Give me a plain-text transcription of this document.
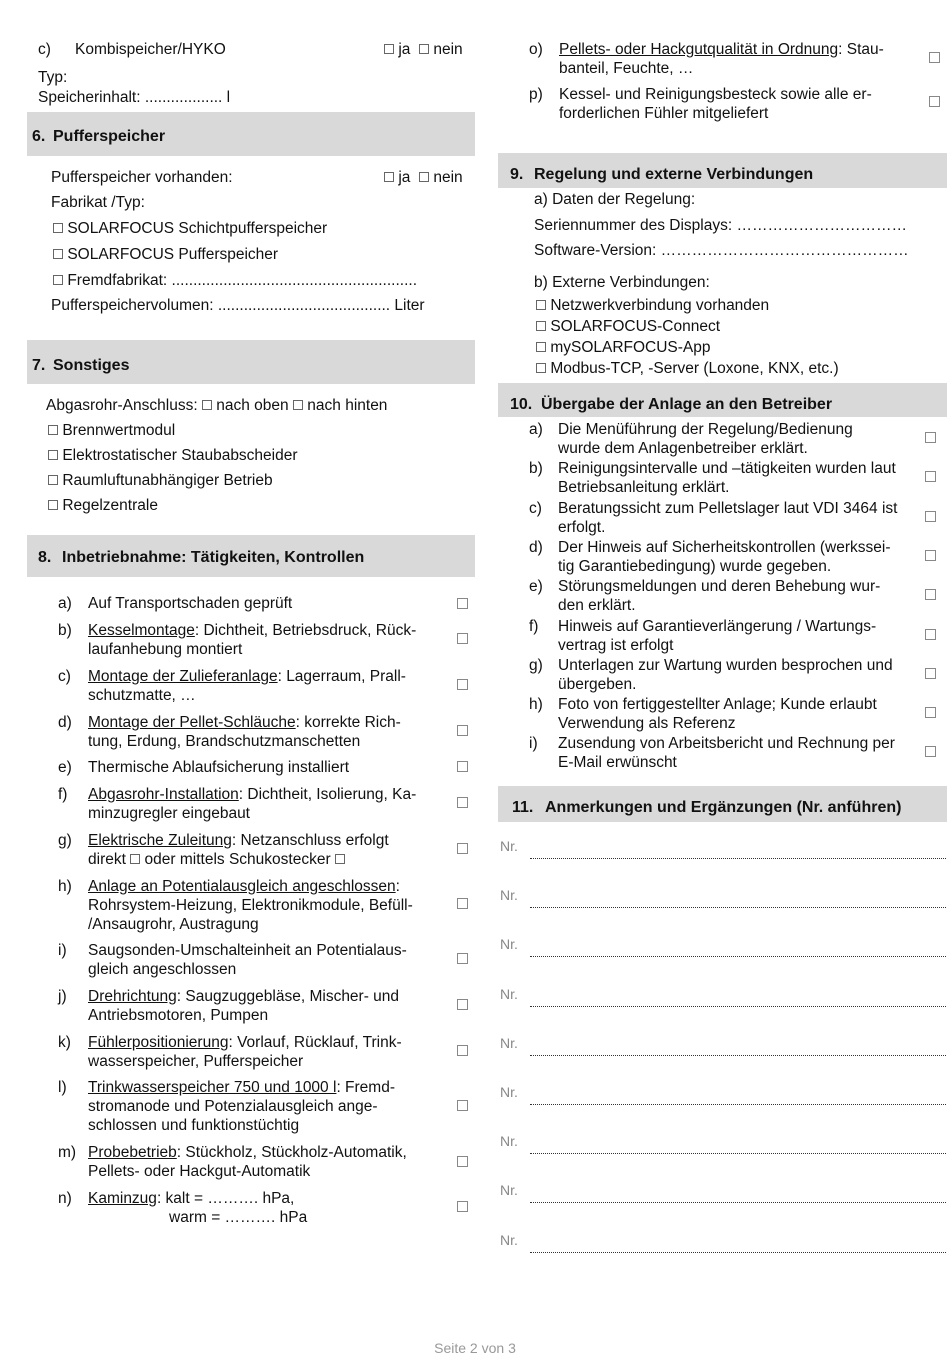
c) Kombispeicher/HYKO	ja nein
Typ:
Speicherinhalt: .................. l
6. Pufferspeicher
Pufferspeicher vorhanden:	ja nein
Fabrikat /Typ:
SOLARFOCUS Schichtpufferspeicher
SOLARFOCUS Pufferspeicher
Fremdfabrikat: .........................................................
Pufferspeichervolumen: ........................................ Liter
7. Sonstiges
Abgasrohr-Anschluss: nach oben nach hinten
Brennwertmodul
Elektrostatischer Staubabscheider
Raumluftunabhängiger Betrieb
Regelzentrale
8. Inbetriebnahme: Tätigkeiten, Kontrollen
a) Auf Transportschaden geprüft
b) Kesselmontage: Dichtheit, Betriebsdruck, Rück-
laufanhebung montiert
c) Montage der Zulieferanlage: Lagerraum, Prall-
schutzmatte, …
d) Montage der Pellet-Schläuche: korrekte Rich-
tung, Erdung, Brandschutzmanschetten
e) Thermische Ablaufsicherung installiert
f) Abgasrohr-Installation: Dichtheit, Isolierung, Ka-
minzugregler eingebaut
g) Elektrische Zuleitung: Netzanschluss erfolgt
direkt oder mittels Schukostecker
h) Anlage an Potentialausgleich angeschlossen:
Rohrsystem-Heizung, Elektronikmodule, Befüll-
/Ansaugrohr, Austragung
i) Saugsonden-Umschalteinheit an Potentialaus-
gleich angeschlossen
j) Drehrichtung: Saugzuggebläse, Mischer- und
Antriebsmotoren, Pumpen
k) Fühlerpositionierung: Vorlauf, Rücklauf, Trink-
wasserspeicher, Pufferspeicher
l) Trinkwasserspeicher 750 und 1000 l: Fremd-
stromanode und Potenzialausgleich ange-
schlossen und funktionstüchtig
m) Probebetrieb: Stückholz, Stückholz-Automatik,
Pellets- oder Hackgut-Automatik
n) Kaminzug: kalt = ………. hPa,
warm = ………. hPa
o) Pellets- oder Hackgutqualität in Ordnung: Stau-
banteil, Feuchte, …
p) Kessel- und Reinigungsbesteck sowie alle er-
forderlichen Fühler mitgeliefert
9. Regelung und externe Verbindungen
a) Daten der Regelung:
Seriennummer des Displays: ……………………………
Software-Version: …………………………………………
b) Externe Verbindungen:
Netzwerkverbindung vorhanden
SOLARFOCUS-Connect
mySOLARFOCUS-App
Modbus-TCP, -Server (Loxone, KNX, etc.)
10. Übergabe der Anlage an den Betreiber
a) Die Menüführung der Regelung/Bedienung
wurde dem Anlagenbetreiber erklärt.
b) Reinigungsintervalle und –tätigkeiten wurden laut
Betriebsanleitung erklärt.
c) Beratungssicht zum Pelletslager laut VDI 3464 ist
erfolgt.
d) Der Hinweis auf Sicherheitskontrollen (werkssei-
tig Garantiebedingung) wurde gegeben.
e) Störungsmeldungen und deren Behebung wur-
den erklärt.
f) Hinweis auf Garantieverlängerung / Wartungs-
vertrag ist erfolgt
g) Unterlagen zur Wartung wurden besprochen und
übergeben.
h) Foto von fertiggestellter Anlage; Kunde erlaubt
Verwendung als Referenz
i) Zusendung von Arbeitsbericht und Rechnung per
E-Mail erwünscht
11. Anmerkungen und Ergänzungen (Nr. anführen)
Nr.
Nr.
Nr.
Nr.
Nr.
Nr.
Nr.
Nr.
Nr.
Seite 2 von 3
